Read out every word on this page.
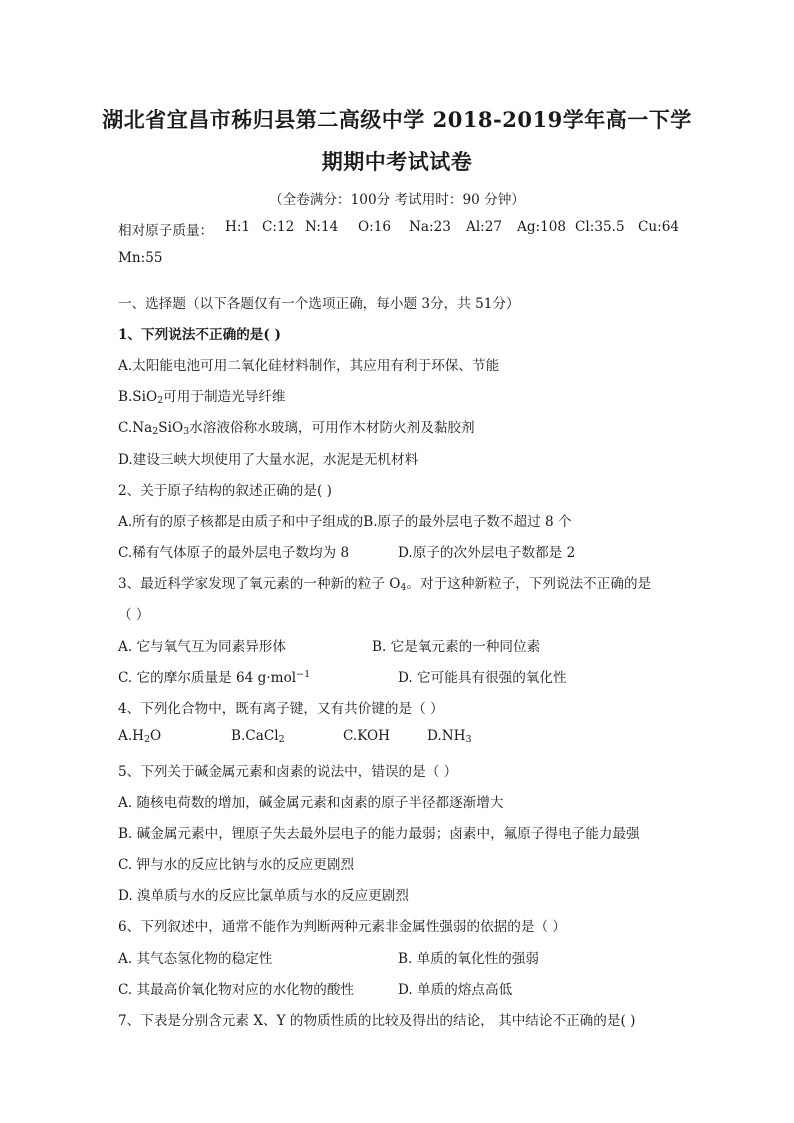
湖北省宜昌市秭归县第二高级中学 2018-2019学年高一下学
期期中考试试卷
（全卷满分：100分 考试用时：90 分钟）
相对原子质量： H:1 C:12 N:14 O:16 Na:23 Al:27 Ag:108 Cl:35.5 Cu:64
Mn:55
一、选择题（以下各题仅有一个选项正确，每小题 3分，共 51分）
1、下列说法不正确的是( )
A.太阳能电池可用二氧化硅材料制作，其应用有利于环保、节能
B.SiO$_2$可用于制造光导纤维
$C.Na_2SiO_3$水溶液俗称水玻璃，可用作木材防火剂及黏胶剂
D.建设三峡大坝使用了大量水泥，水泥是无机材料
2、关于原子结构的叙述正确的是( )
A.所有的原子核都是由质子和中子组成的B.原子的最外层电子数不超过 8 个
C.稀有气体原子的最外层电子数均为 8	D.原子的次外层电子数都是 2
3、最近科学家发现了氧元素的一种新的粒子 $O_4$。对于这种新粒子，下列说法不正确的是
（ ）
A. 它与氧气互为同素异形体	B. 它是氧元素的一种同位素
C. 它的摩尔质量是 64 g·mol$^{-1}$	D. 它可能具有很强的氧化性
4、下列化合物中，既有离子键，又有共价键的是（ ）
$A.H_2O$	B.CaCl$_2$	C.KOH	$D.NH_3$
5、下列关于碱金属元素和卤素的说法中，错误的是（ ）
A. 随核电荷数的增加，碱金属元素和卤素的原子半径都逐渐增大
B. 碱金属元素中，锂原子失去最外层电子的能力最弱；卤素中，氟原子得电子能力最强
C. 钾与水的反应比钠与水的反应更剧烈
D. 溴单质与水的反应比氯单质与水的反应更剧烈
6、下列叙述中，通常不能作为判断两种元素非金属性强弱的依据的是（ ）
A. 其气态氢化物的稳定性	B. 单质的氧化性的强弱
C. 其最高价氧化物对应的水化物的酸性	D. 单质的熔点高低
7、下表是分别含元素 X、Y 的物质性质的比较及得出的结论， 其中结论不正确的是( )
